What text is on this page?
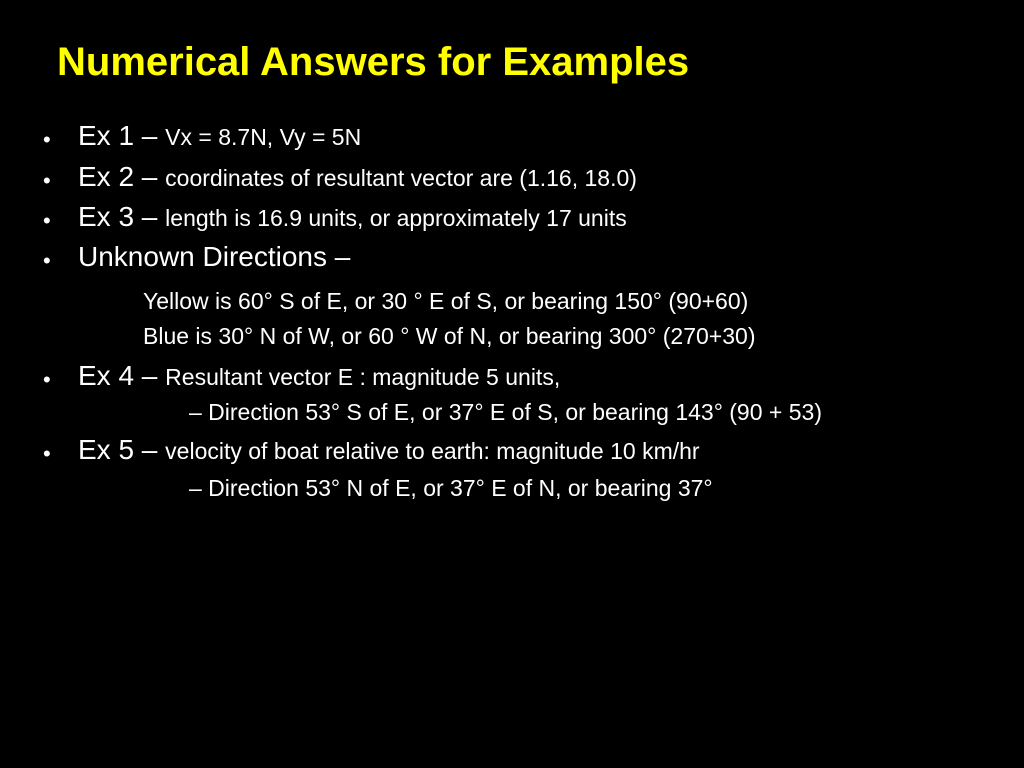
Numerical Answers for Examples
• Ex 1 – Vx = 8.7N, Vy = 5N
• Ex 2 – coordinates of resultant vector are (1.16, 18.0)
• Ex 3 – length is 16.9 units, or approximately 17 units
• Unknown Directions –
Yellow is 60° S of E, or 30 ° E of S, or bearing 150° (90+60)
Blue is 30° N of W, or 60 ° W of N, or bearing 300° (270+30)
• Ex 4 – Resultant vector E : magnitude 5 units,
– Direction 53° S of E, or 37° E of S, or bearing 143° (90 + 53)
• Ex 5 – velocity of boat relative to earth: magnitude 10 km/hr
– Direction 53° N of E, or 37° E of N, or bearing 37°
